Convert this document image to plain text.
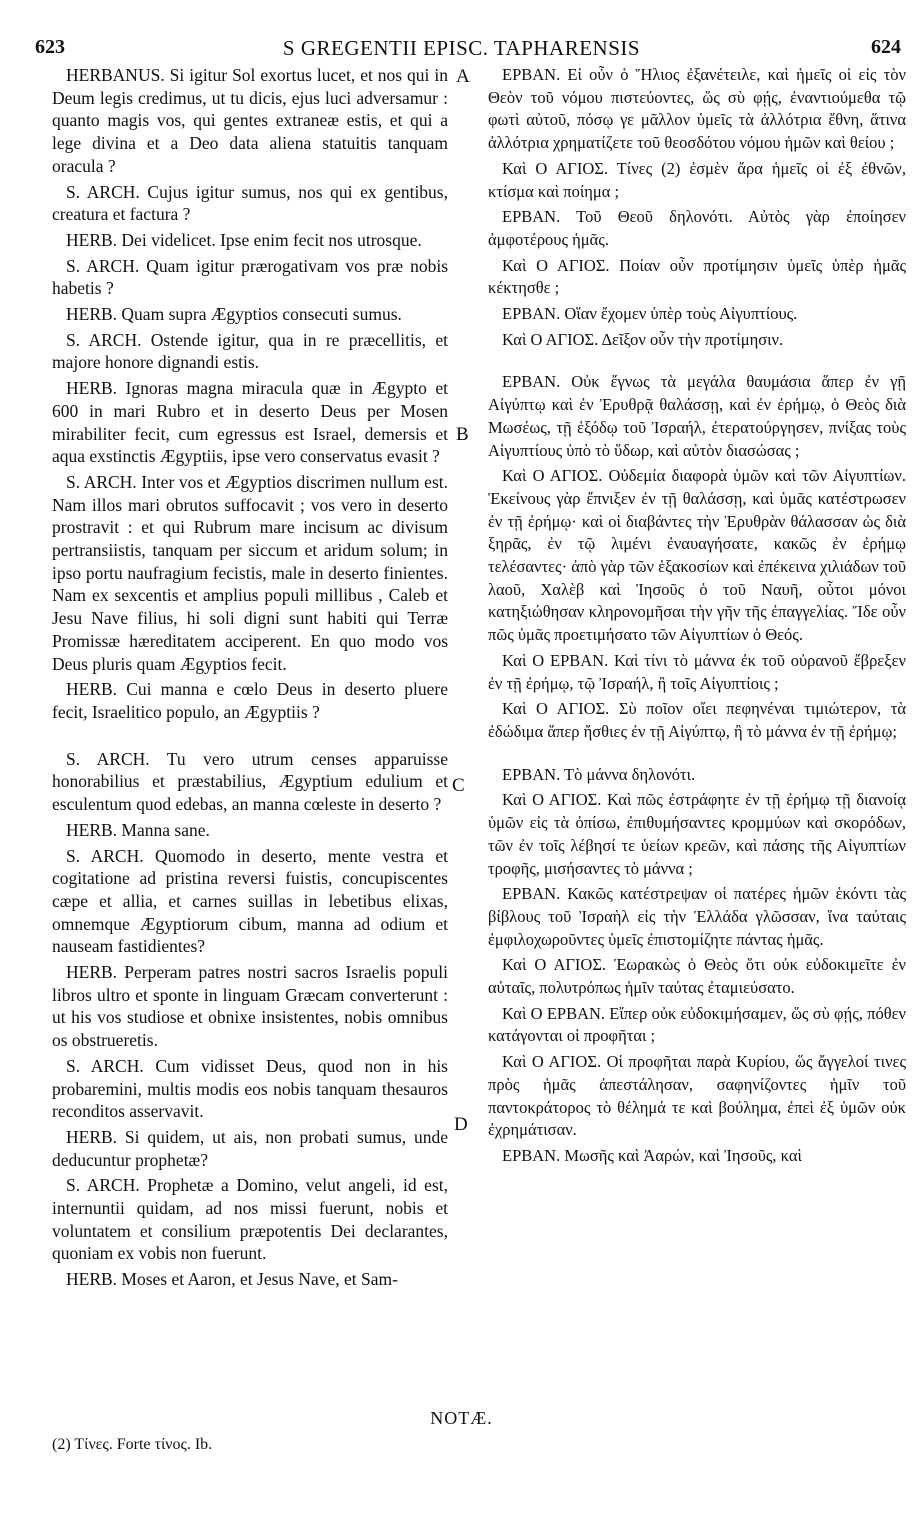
623	S GREGENTII EPISC. TAPHARENSIS	624
A
B
C
D

HERBANUS. Si igitur Sol exortus lucet, et nos qui in Deum legis credimus, ut tu dicis, ejus luci adversamur : quanto magis vos, qui gentes extraneæ estis, et qui a lege divina et a Deo data aliena statuitis tanquam oracula ?

S. ARCH. Cujus igitur sumus, nos qui ex gentibus, creatura et factura ?

HERB. Dei videlicet. Ipse enim fecit nos utrosque.

S. ARCH. Quam igitur prærogativam vos præ nobis habetis ?

HERB. Quam supra Ægyptios consecuti sumus.

S. ARCH. Ostende igitur, qua in re præcellitis, et majore honore dignandi estis.

HERB. Ignoras magna miracula quæ in Ægypto et 600 in mari Rubro et in deserto Deus per Mosen mirabiliter fecit, cum egressus est Israel, demersis et aqua exstinctis Ægyptiis, ipse vero conservatus evasit ?

S. ARCH. Inter vos et Ægyptios discrimen nullum est. Nam illos mari obrutos suffocavit ; vos vero in deserto prostravit : et qui Rubrum mare incisum ac divisum pertransiistis, tanquam per siccum et aridum solum; in ipso portu naufragium fecistis, male in deserto finientes. Nam ex sexcentis et amplius populi millibus , Caleb et Jesu Nave filius, hi soli digni sunt habiti qui Terræ Promissæ hæreditatem acciperent. En quo modo vos Deus pluris quam Ægyptios fecit.

HERB. Cui manna e cœlo Deus in deserto pluere fecit, Israelitico populo, an Ægyptiis ?

S. ARCH. Tu vero utrum censes apparuisse honorabilius et præstabilius, Ægyptium edulium et esculentum quod edebas, an manna cœleste in deserto ?

HERB. Manna sane.

S. ARCH. Quomodo in deserto, mente vestra et cogitatione ad pristina reversi fuistis, concupiscentes cæpe et allia, et carnes suillas in lebetibus elixas, omnemque Ægyptiorum cibum, manna ad odium et nauseam fastidientes?

HERB. Perperam patres nostri sacros Israelis populi libros ultro et sponte in linguam Græcam converterunt : ut his vos studiose et obnixe insistentes, nobis omnibus os obstrueretis.

S. ARCH. Cum vidisset Deus, quod non in his probaremini, multis modis eos nobis tanquam thesauros reconditos asservavit.

HERB. Si quidem, ut ais, non probati sumus, unde deducuntur prophetæ?

S. ARCH. Prophetæ a Domino, velut angeli, id est, internuntii quidam, ad nos missi fuerunt, nobis et voluntatem et consilium præpotentis Dei declarantes, quoniam ex vobis non fuerunt.

HERB. Moses et Aaron, et Jesus Nave, et Sam-

ΕΡΒΑΝ. Εἰ οὖν ὁ Ἥλιος ἐξανέτειλε, καὶ ἡμεῖς οἱ εἰς τὸν Θεὸν τοῦ νόμου πιστεύοντες, ὥς σὺ φῄς, ἐναντιούμεθα τῷ φωτὶ αὐτοῦ, πόσῳ γε μᾶλλον ὑμεῖς τὰ ἀλλότρια ἔθνη, ἅτινα ἀλλότρια χρηματίζετε τοῦ θεοσδότου νόμου ἡμῶν καὶ θείου ;

Καὶ Ο ΑΓΙΟΣ. Τίνες (2) ἐσμὲν ἄρα ἡμεῖς οἱ ἐξ ἐθνῶν, κτίσμα καὶ ποίημα ;

ΕΡΒΑΝ. Τοῦ Θεοῦ δηλονότι. Αὐτὸς γὰρ ἐποίησεν ἀμφοτέρους ἡμᾶς.

Καὶ Ο ΑΓΙΟΣ. Ποίαν οὖν προτίμησιν ὑμεῖς ὑπὲρ ἡμᾶς κέκτησθε ;

ΕΡΒΑΝ. Οἵαν ἔχομεν ὑπὲρ τοὺς Αἰγυπτίους.

Καὶ Ο ΑΓΙΟΣ. Δεῖξον οὖν τὴν προτίμησιν.

ΕΡΒΑΝ. Οὐκ ἔγνως τὰ μεγάλα θαυμάσια ἅπερ ἐν γῇ Αἰγύπτῳ καὶ ἐν Ἐρυθρᾷ θαλάσσῃ, καὶ ἐν ἐρήμῳ, ὁ Θεὸς διὰ Μωσέως, τῇ ἐξόδῳ τοῦ Ἰσραήλ, ἐτερατούργησεν, πνίξας τοὺς Αἰγυπτίους ὑπὸ τὸ ὕδωρ, καὶ αὐτὸν διασώσας ;

Καὶ Ο ΑΓΙΟΣ. Οὐδεμία διαφορὰ ὑμῶν καὶ τῶν Αἰγυπτίων. Ἐκείνους γὰρ ἔπνιξεν ἐν τῇ θαλάσσῃ, καὶ ὑμᾶς κατέστρωσεν ἐν τῇ ἐρήμῳ· καὶ οἱ διαβάντες τὴν Ἐρυθρὰν θάλασσαν ὡς διὰ ξηρᾶς, ἐν τῷ λιμένι ἐναυαγήσατε, κακῶς ἐν ἐρήμῳ τελέσαντες· ἀπὸ γὰρ τῶν ἑξακοσίων καὶ ἐπέκεινα χιλιάδων τοῦ λαοῦ, Χαλὲβ καὶ Ἰησοῦς ὁ τοῦ Ναυῆ, οὗτοι μόνοι κατηξιώθησαν κληρονομῆσαι τὴν γῆν τῆς ἐπαγγελίας. Ἴδε οὖν πῶς ὑμᾶς προετιμήσατο τῶν Αἰγυπτίων ὁ Θεός.

Καὶ Ο ΕΡΒΑΝ. Καὶ τίνι τὸ μάννα ἐκ τοῦ οὐρανοῦ ἔβρεξεν ἐν τῇ ἐρήμῳ, τῷ Ἰσραήλ, ἢ τοῖς Αἰγυπτίοις ;

Καὶ Ο ΑΓΙΟΣ. Σὺ ποῖον οἴει πεφηνέναι τιμιώτερον, τὰ ἐδώδιμα ἅπερ ἤσθιες ἐν τῇ Αἰγύπτῳ, ἢ τὸ μάννα ἐν τῇ ἐρήμῳ;

ΕΡΒΑΝ. Τὸ μάννα δηλονότι.

Καὶ Ο ΑΓΙΟΣ. Καὶ πῶς ἐστράφητε ἐν τῇ ἐρήμῳ τῇ διανοίᾳ ὑμῶν εἰς τὰ ὀπίσω, ἐπιθυμήσαντες κρομμύων καὶ σκορόδων, τῶν ἐν τοῖς λέβησί τε ὑείων κρεῶν, καὶ πάσης τῆς Αἰγυπτίων τροφῆς, μισήσαντες τὸ μάννα ;

ΕΡΒΑΝ. Κακῶς κατέστρεψαν οἱ πατέρες ἡμῶν ἑκόντι τὰς βίβλους τοῦ Ἰσραὴλ εἰς τὴν Ἑλλάδα γλῶσσαν, ἵνα ταύταις ἐμφιλοχωροῦντες ὑμεῖς ἐπιστομίζητε πάντας ἡμᾶς.

Καὶ Ο ΑΓΙΟΣ. Ἑωρακὼς ὁ Θεὸς ὅτι οὐκ εὐδοκιμεῖτε ἐν αὐταῖς, πολυτρόπως ἡμῖν ταύτας ἐταμιεύσατο.

Καὶ Ο ΕΡΒΑΝ. Εἴπερ οὐκ εὐδοκιμήσαμεν, ὥς σὺ φῄς, πόθεν κατάγονται οἱ προφῆται ;

Καὶ Ο ΑΓΙΟΣ. Οἱ προφῆται παρὰ Κυρίου, ὥς ἄγγελοί τινες πρὸς ἡμᾶς ἀπεστάλησαν, σαφηνίζοντες ἡμῖν τοῦ παντοκράτορος τὸ θέλημά τε καὶ βούλημα, ἐπεὶ ἐξ ὑμῶν οὐκ ἐχρημάτισαν.

ΕΡΒΑΝ. Μωσῆς καὶ Ἀαρών, καὶ Ἰησοῦς, καὶ

NOTÆ.
(2) Τίνες. Forte τίνος. Ib.
